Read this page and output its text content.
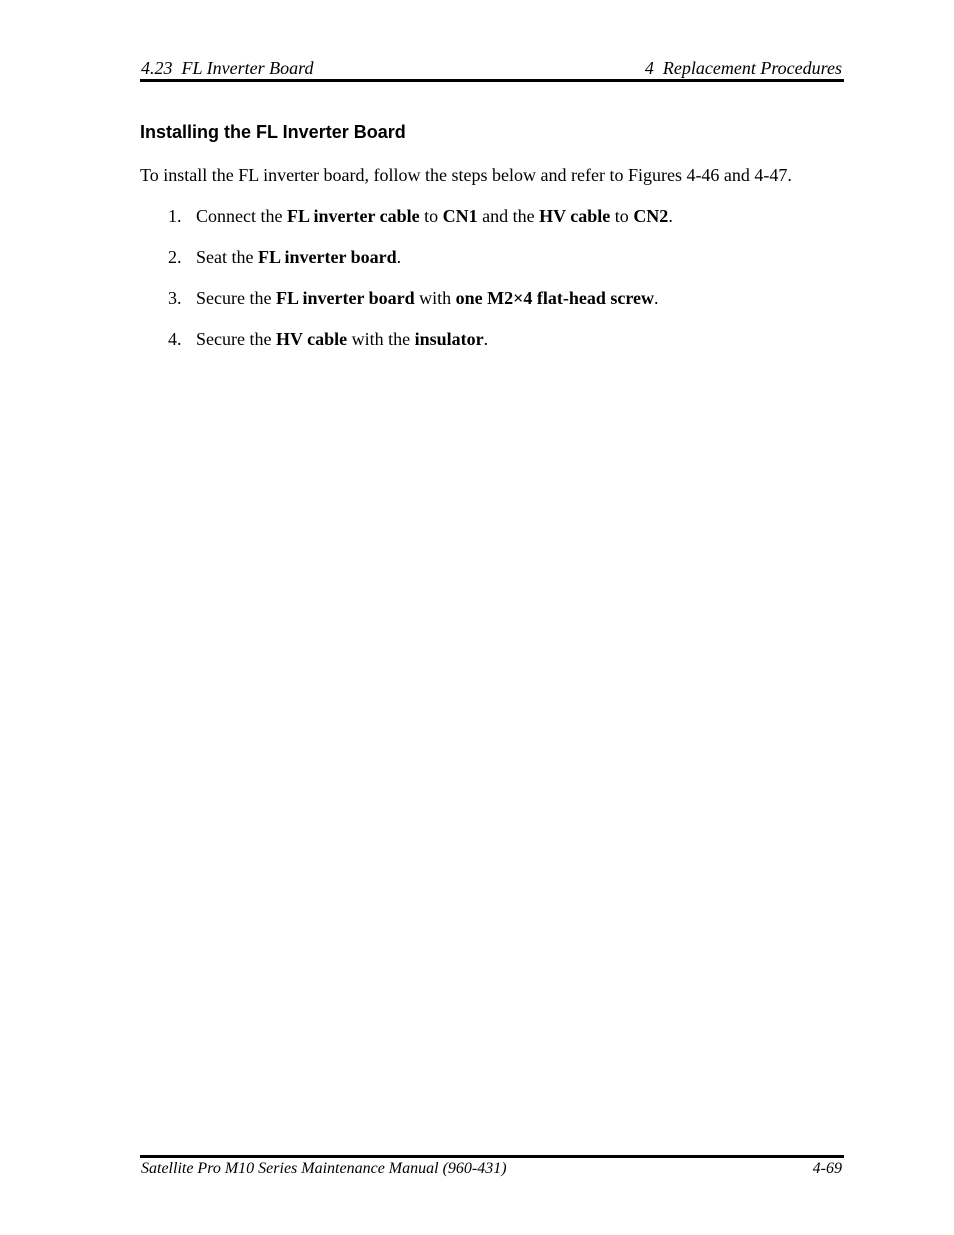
4.23  FL Inverter Board	4  Replacement Procedures
Installing the FL Inverter Board

To install the FL inverter board, follow the steps below and refer to Figures 4-46 and 4-47.

1. Connect the FL inverter cable to CN1 and the HV cable to CN2.
2. Seat the FL inverter board.
3. Secure the FL inverter board with one M2×4 flat-head screw.
4. Secure the HV cable with the insulator.
Satellite Pro M10 Series Maintenance Manual (960-431)	4-69
